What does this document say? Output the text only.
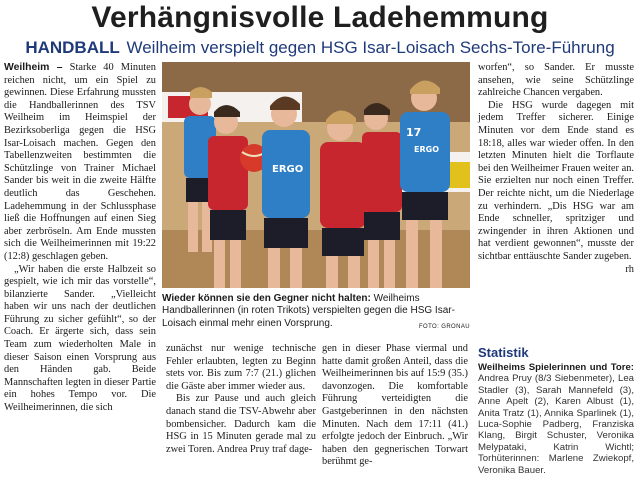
Verhängnisvolle Ladehemmung
HANDBALL Weilheim verspielt gegen HSG Isar-Loisach Sechs-Tore-Führung

Weilheim – Starke 40 Minuten reichen nicht, um ein Spiel zu gewinnen. Diese Erfahrung mussten die Handballerinnen des TSV Weilheim im Heimspiel der Bezirksoberliga gegen die HSG Isar-Loisach machen. Gegen den Tabellenzweiten bestimmten die Schützlinge von Trainer Michael Sander bis weit in die zweite Hälfte deutlich das Geschehen. Ladehemmung in der Schlussphase ließ die Hoffnungen auf einen Sieg aber zerbröseln. Am Ende mussten sich die Weilheimerinnen mit 19:22 (12:8) geschlagen geben.

„Wir haben die erste Halbzeit so gespielt, wie ich mir das vorstelle“, bilanzierte Sander. „Vielleicht haben wir uns nach der deutlichen Führung zu sicher gefühlt“, so der Coach. Er ärgerte sich, dass sein Team zum wiederholten Male in dieser Saison einen Vorsprung aus den Händen gab. Beide Mannschaften legten in dieser Partie ein hohes Tempo vor. Die Weilheimerinnen, die sich

ERGO
17
ERGO
Wieder können sie den Gegner nicht halten: Weilheims Handballerinnen (in roten Trikots) verspielten gegen die HSG Isar-Loisach einmal mehr einen Vorsprung.	FOTO: GRONAU

zunächst nur wenige technische Fehler erlaubten, legten zu Beginn stets vor. Bis zum 7:7 (21.) glichen die Gäste aber immer wieder aus.

Bis zur Pause und auch gleich danach stand die TSV-Abwehr aber bombensicher. Dadurch kam die HSG in 15 Minuten gerade mal zu zwei Toren. Andrea Pruy traf dage-

gen in dieser Phase viermal und hatte damit großen Anteil, dass die Weilheimerinnen bis auf 15:9 (35.) davonzogen. Die komfortable Führung verteidigten die Gastgeberinnen in den nächsten Minuten. Nach dem 17:11 (41.) erfolgte jedoch der Einbruch. „Wir haben den gegnerischen Torwart berühmt ge-

worfen“, so Sander. Er musste ansehen, wie seine Schützlinge zahlreiche Chancen vergaben.

Die HSG wurde dagegen mit jedem Treffer sicherer. Einige Minuten vor dem Ende stand es 18:18, alles war wieder offen. In den letzten Minuten hielt die Torflaute bei den Weilheimer Frauen weiter an. Sie erzielten nur noch einen Treffer. Der reichte nicht, um die Niederlage zu verhindern. „Dis HSG war am Ende schneller, spritziger und zwingender in ihren Aktionen und hat verdient gewonnen“, musste der sichtbar enttäuschte Sander zugeben.
rh

Statistik
Weilheims Spielerinnen und Tore: Andrea Pruy (8/3 Siebenmeter), Lea Stadler (3), Sarah Mannefeld (3), Anne Apelt (2), Karen Albust (1), Anita Tratz (1), Annika Sparlinek (1), Luca-Sophie Padberg, Franziska Klang, Birgit Schuster, Veronika Melypataki, Katrin Wichtl; Torhüterinnen: Marlene Zwiekopf, Veronika Bauer.
